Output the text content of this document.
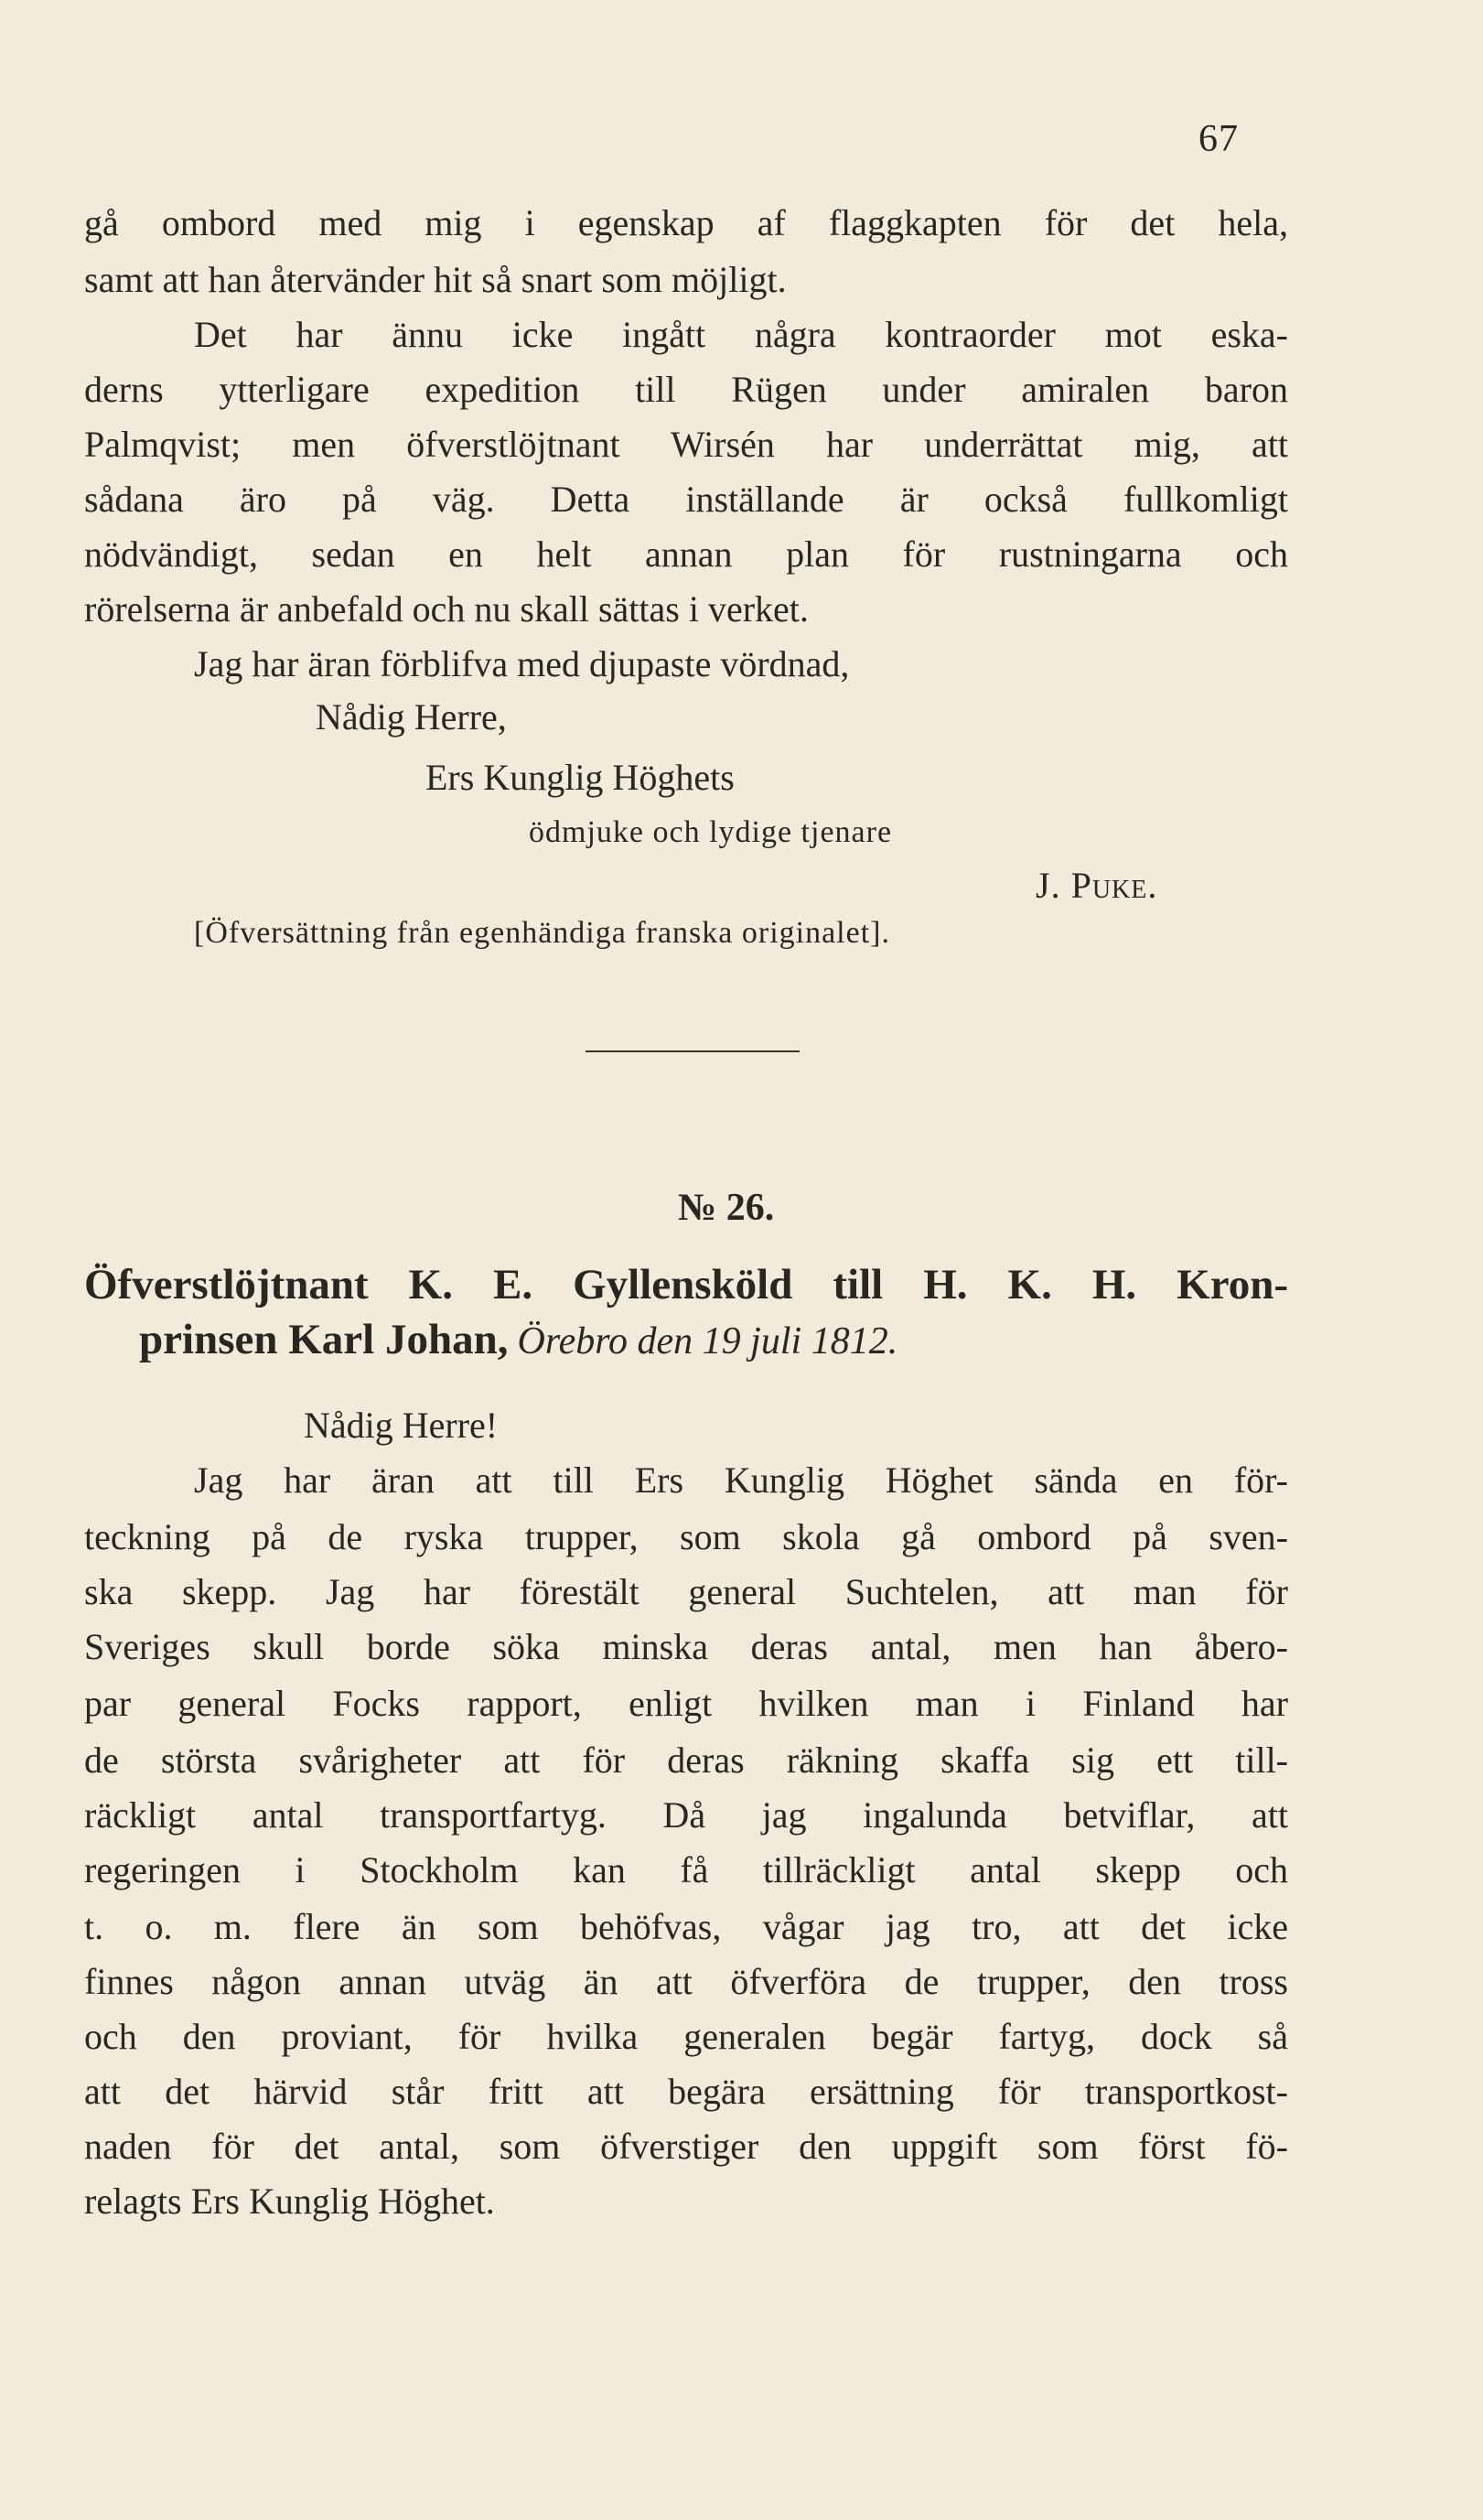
67
gå ombord med mig i egenskap af flaggkapten för det hela,
samt att han återvänder hit så snart som möjligt.
Det har ännu icke ingått några kontraorder mot eska-
derns ytterligare expedition till Rügen under amiralen baron
Palmqvist; men öfverstlöjtnant Wirsén har underrättat mig, att
sådana äro på väg. Detta inställande är också fullkomligt
nödvändigt, sedan en helt annan plan för rustningarna och
rörelserna är anbefald och nu skall sättas i verket.
Jag har äran förblifva med djupaste vördnad,
Nådig Herre,
Ers Kunglig Höghets
ödmjuke och lydige tjenare
J. Puke.
[Öfversättning från egenhändiga franska originalet].
№ 26.
Öfverstlöjtnant K. E. Gyllensköld till H. K. H. Kron-
prinsen Karl Johan, Örebro den 19 juli 1812.
Nådig Herre!
Jag har äran att till Ers Kunglig Höghet sända en för-
teckning på de ryska trupper, som skola gå ombord på sven-
ska skepp. Jag har förestält general Suchtelen, att man för
Sveriges skull borde söka minska deras antal, men han åbero-
par general Focks rapport, enligt hvilken man i Finland har
de största svårigheter att för deras räkning skaffa sig ett till-
räckligt antal transportfartyg. Då jag ingalunda betviflar, att
regeringen i Stockholm kan få tillräckligt antal skepp och
t. o. m. flere än som behöfvas, vågar jag tro, att det icke
finnes någon annan utväg än att öfverföra de trupper, den tross
och den proviant, för hvilka generalen begär fartyg, dock så
att det härvid står fritt att begära ersättning för transportkost-
naden för det antal, som öfverstiger den uppgift som först fö-
relagts Ers Kunglig Höghet.
